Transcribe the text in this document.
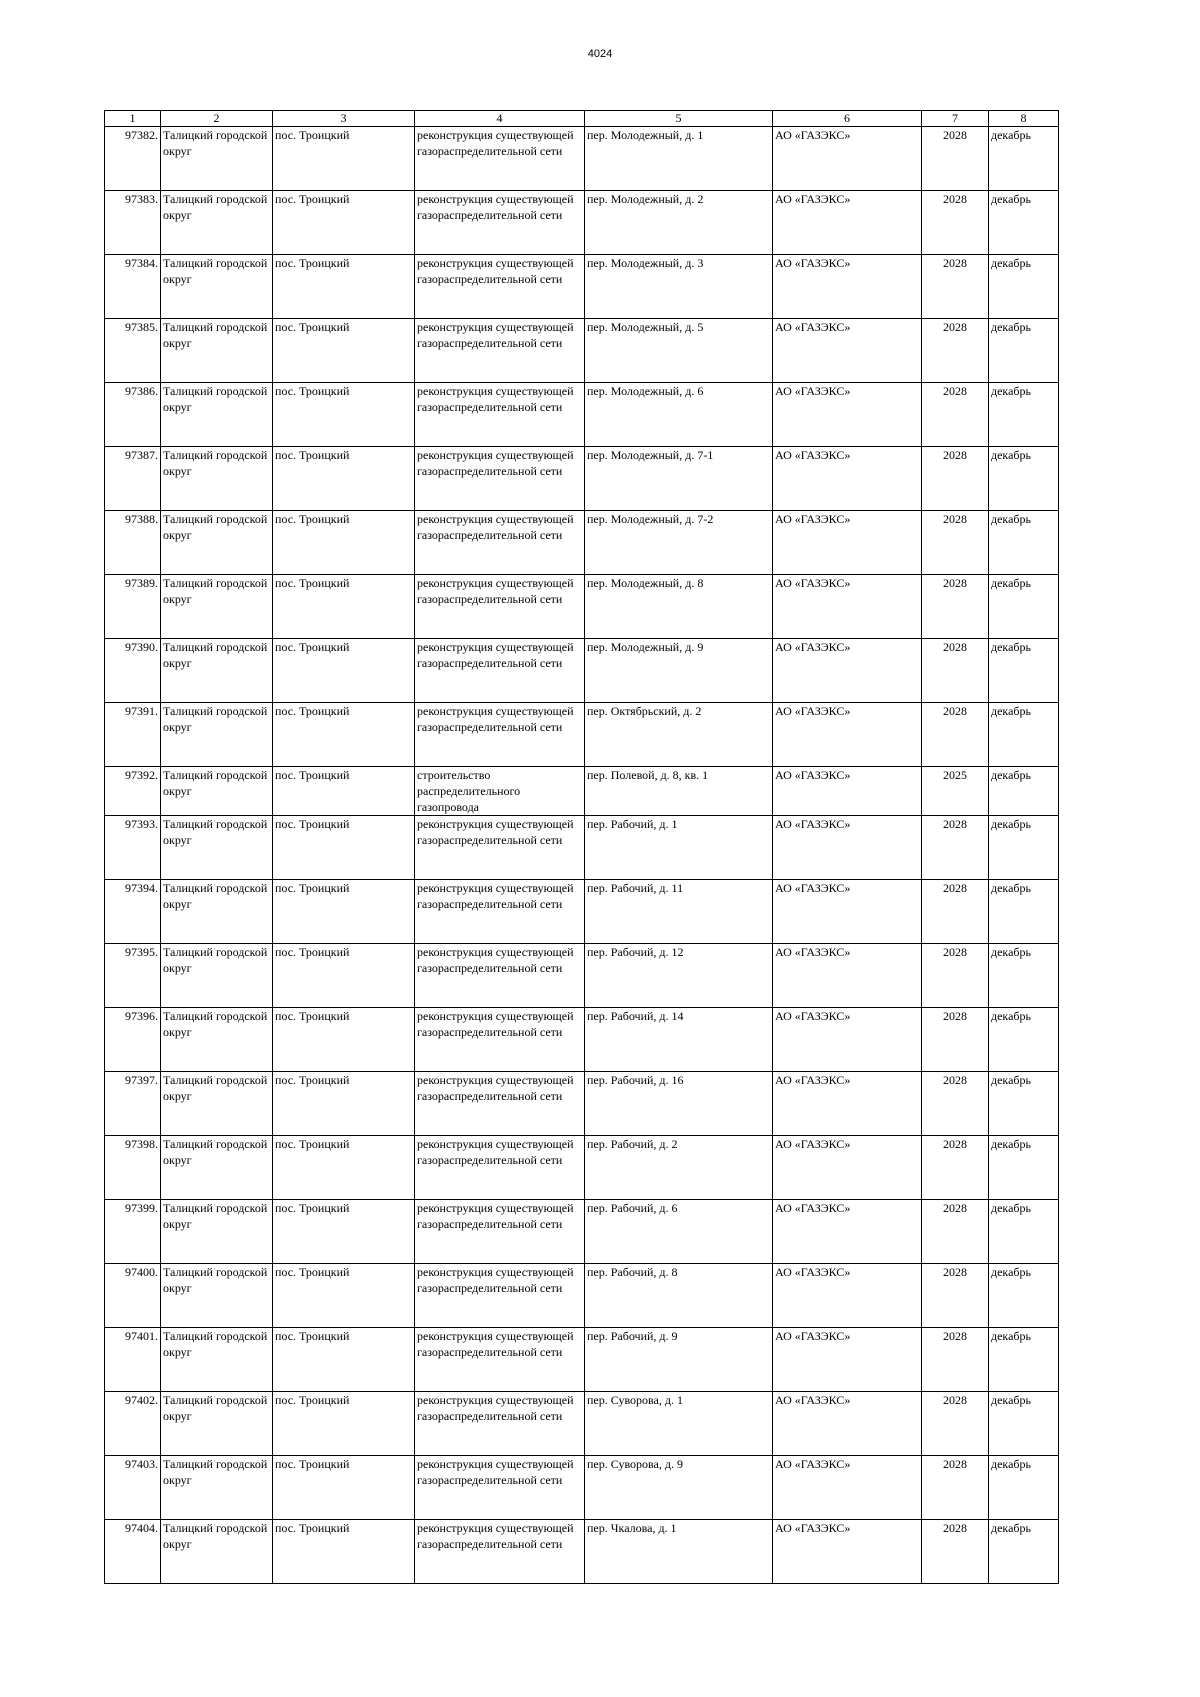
4024
1	2	3	4	5	6	7	8
97382.	Талицкий городской округ	пос. Троицкий	реконструкция существующей газораспределительной сети	пер. Молодежный, д. 1	АО «ГАЗЭКС»	2028	декабрь
97383.	Талицкий городской округ	пос. Троицкий	реконструкция существующей газораспределительной сети	пер. Молодежный, д. 2	АО «ГАЗЭКС»	2028	декабрь
97384.	Талицкий городской округ	пос. Троицкий	реконструкция существующей газораспределительной сети	пер. Молодежный, д. 3	АО «ГАЗЭКС»	2028	декабрь
97385.	Талицкий городской округ	пос. Троицкий	реконструкция существующей газораспределительной сети	пер. Молодежный, д. 5	АО «ГАЗЭКС»	2028	декабрь
97386.	Талицкий городской округ	пос. Троицкий	реконструкция существующей газораспределительной сети	пер. Молодежный, д. 6	АО «ГАЗЭКС»	2028	декабрь
97387.	Талицкий городской округ	пос. Троицкий	реконструкция существующей газораспределительной сети	пер. Молодежный, д. 7-1	АО «ГАЗЭКС»	2028	декабрь
97388.	Талицкий городской округ	пос. Троицкий	реконструкция существующей газораспределительной сети	пер. Молодежный, д. 7-2	АО «ГАЗЭКС»	2028	декабрь
97389.	Талицкий городской округ	пос. Троицкий	реконструкция существующей газораспределительной сети	пер. Молодежный, д. 8	АО «ГАЗЭКС»	2028	декабрь
97390.	Талицкий городской округ	пос. Троицкий	реконструкция существующей газораспределительной сети	пер. Молодежный, д. 9	АО «ГАЗЭКС»	2028	декабрь
97391.	Талицкий городской округ	пос. Троицкий	реконструкция существующей газораспределительной сети	пер. Октябрьский, д. 2	АО «ГАЗЭКС»	2028	декабрь
97392.	Талицкий городской округ	пос. Троицкий	строительство распределительного газопровода	пер. Полевой, д. 8, кв. 1	АО «ГАЗЭКС»	2025	декабрь
97393.	Талицкий городской округ	пос. Троицкий	реконструкция существующей газораспределительной сети	пер. Рабочий, д. 1	АО «ГАЗЭКС»	2028	декабрь
97394.	Талицкий городской округ	пос. Троицкий	реконструкция существующей газораспределительной сети	пер. Рабочий, д. 11	АО «ГАЗЭКС»	2028	декабрь
97395.	Талицкий городской округ	пос. Троицкий	реконструкция существующей газораспределительной сети	пер. Рабочий, д. 12	АО «ГАЗЭКС»	2028	декабрь
97396.	Талицкий городской округ	пос. Троицкий	реконструкция существующей газораспределительной сети	пер. Рабочий, д. 14	АО «ГАЗЭКС»	2028	декабрь
97397.	Талицкий городской округ	пос. Троицкий	реконструкция существующей газораспределительной сети	пер. Рабочий, д. 16	АО «ГАЗЭКС»	2028	декабрь
97398.	Талицкий городской округ	пос. Троицкий	реконструкция существующей газораспределительной сети	пер. Рабочий, д. 2	АО «ГАЗЭКС»	2028	декабрь
97399.	Талицкий городской округ	пос. Троицкий	реконструкция существующей газораспределительной сети	пер. Рабочий, д. 6	АО «ГАЗЭКС»	2028	декабрь
97400.	Талицкий городской округ	пос. Троицкий	реконструкция существующей газораспределительной сети	пер. Рабочий, д. 8	АО «ГАЗЭКС»	2028	декабрь
97401.	Талицкий городской округ	пос. Троицкий	реконструкция существующей газораспределительной сети	пер. Рабочий, д. 9	АО «ГАЗЭКС»	2028	декабрь
97402.	Талицкий городской округ	пос. Троицкий	реконструкция существующей газораспределительной сети	пер. Суворова, д. 1	АО «ГАЗЭКС»	2028	декабрь
97403.	Талицкий городской округ	пос. Троицкий	реконструкция существующей газораспределительной сети	пер. Суворова, д. 9	АО «ГАЗЭКС»	2028	декабрь
97404.	Талицкий городской округ	пос. Троицкий	реконструкция существующей газораспределительной сети	пер. Чкалова, д. 1	АО «ГАЗЭКС»	2028	декабрь
